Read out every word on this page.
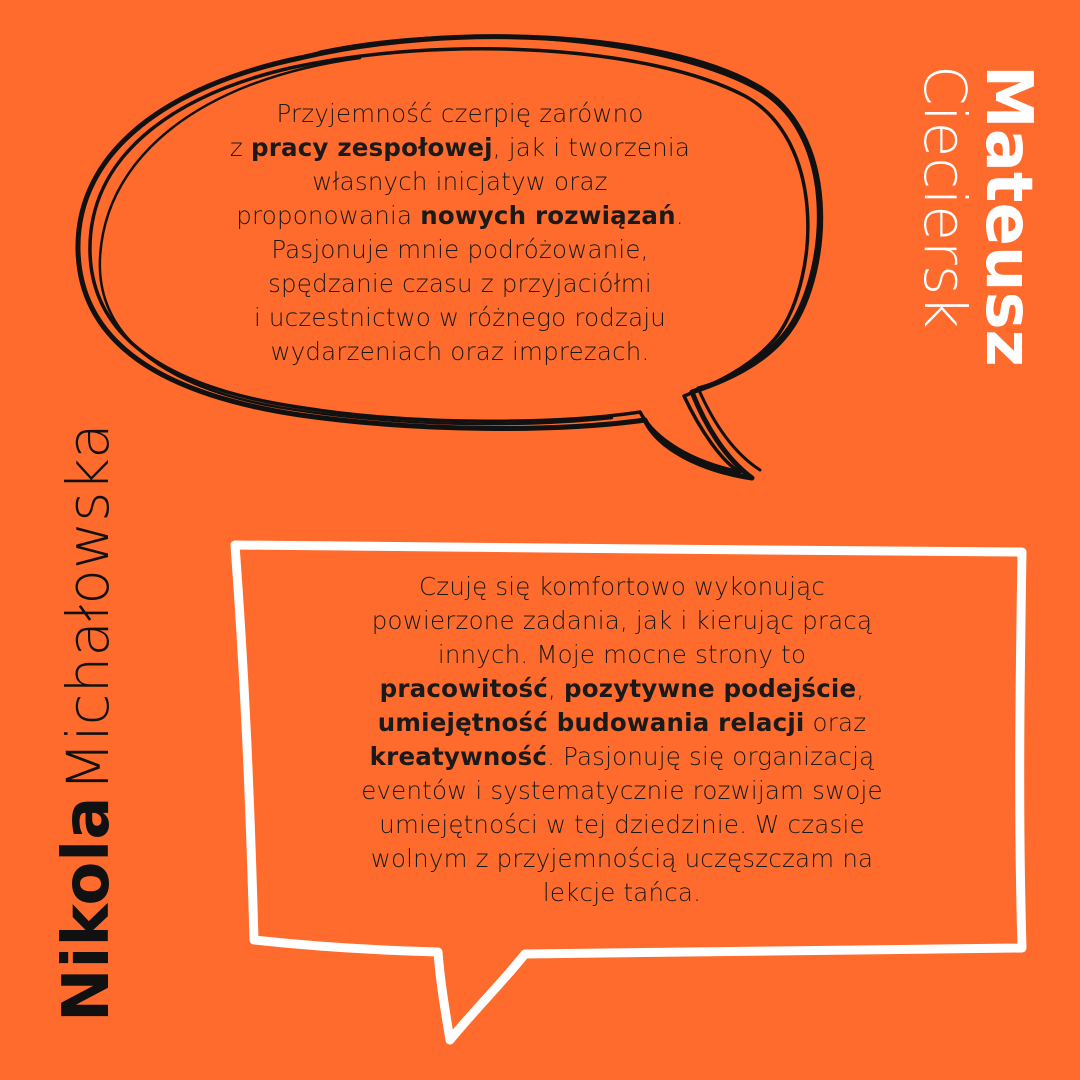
Przyjemność czerpię zarówno
z pracy zespołowej, jak i tworzenia
własnych inicjatyw oraz
proponowania nowych rozwiązań.
Pasjonuje mnie podróżowanie,
spędzanie czasu z przyjaciółmi
i uczestnictwo w różnego rodzaju
wydarzeniach oraz imprezach.
Czuję się komfortowo wykonując
powierzone zadania, jak i kierując pracą
innych. Moje mocne strony to
pracowitość, pozytywne podejście,
umiejętność budowania relacji oraz
kreatywność. Pasjonuję się organizacją
eventów i systematycznie rozwijam swoje
umiejętności w tej dziedzinie. W czasie
wolnym z przyjemnością uczęszczam na
lekcje tańca.
Mateusz
Cieciersk
Nikola Michałowska
